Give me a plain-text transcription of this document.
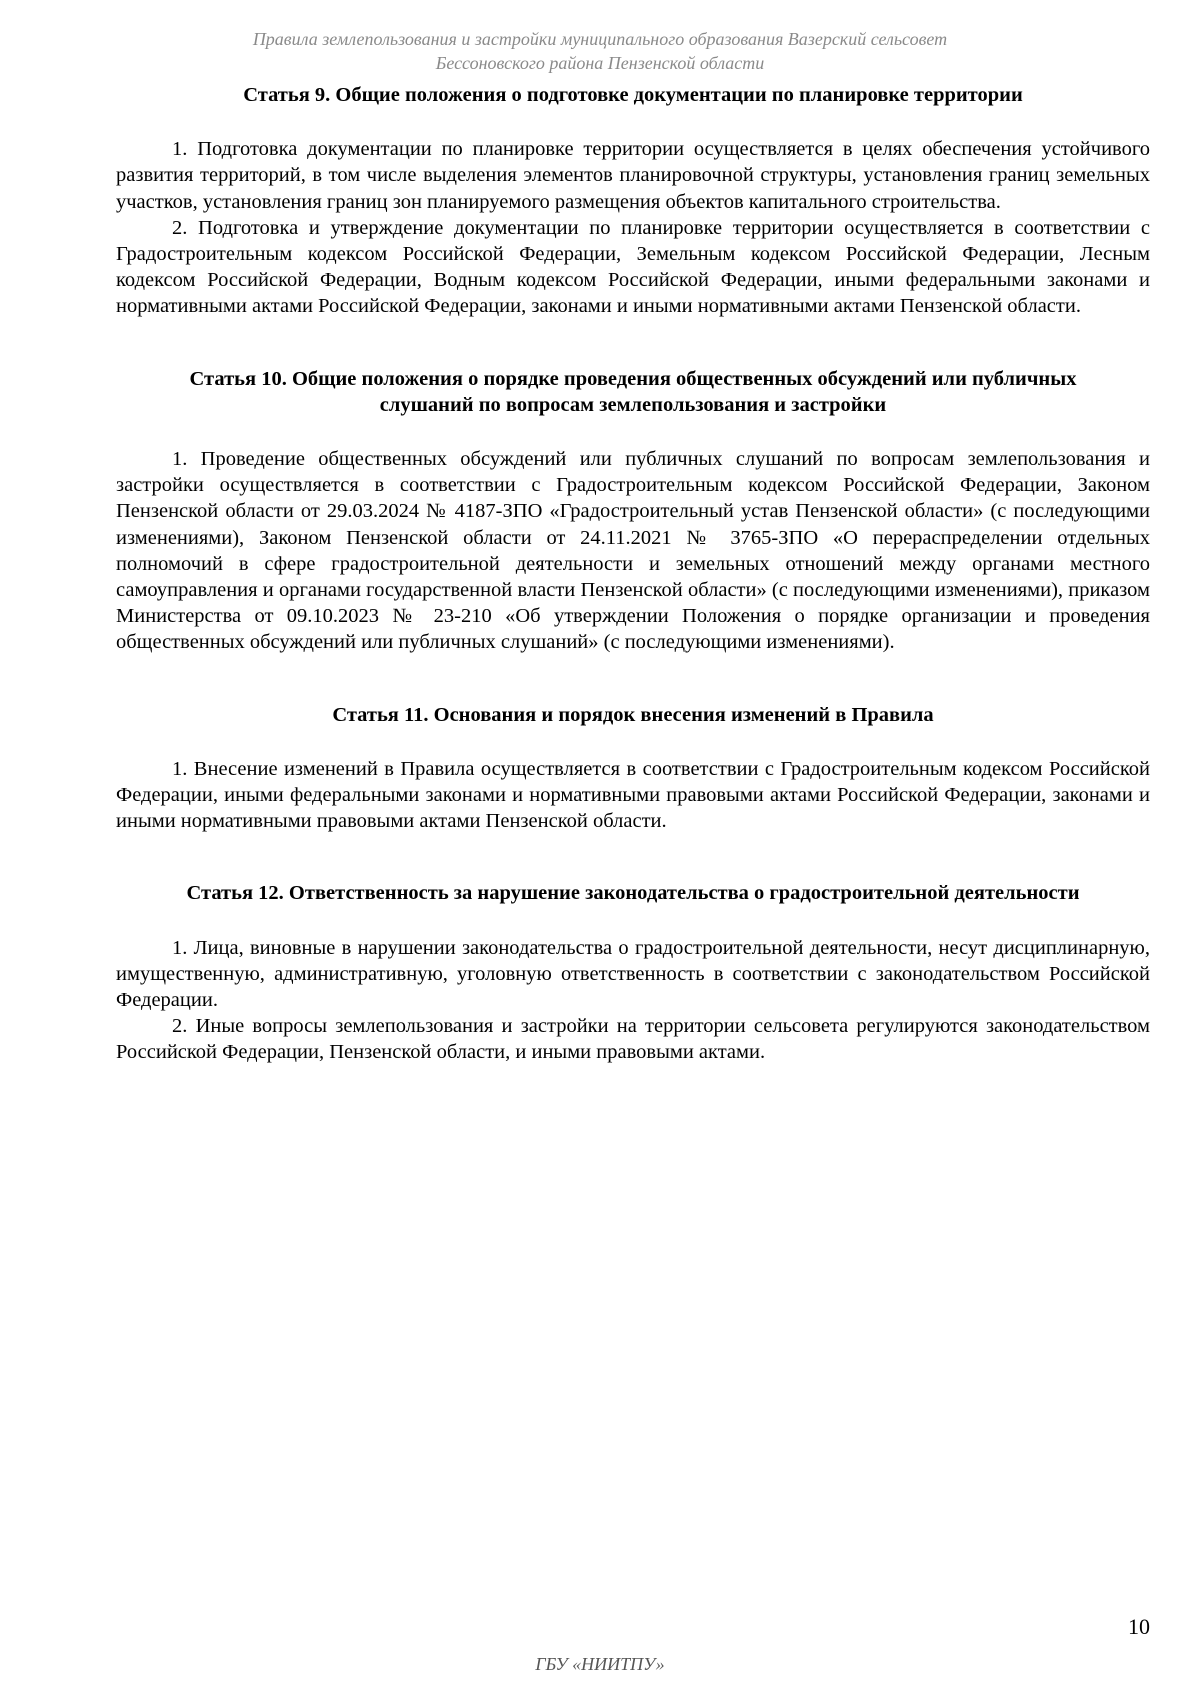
Правила землепользования и застройки муниципального образования Вазерский сельсовет
Бессоновского района Пензенской области

Статья 9. Общие положения о подготовке документации по планировке территории

1. Подготовка документации по планировке территории осуществляется в целях обеспечения устойчивого развития территорий, в том числе выделения элементов планировочной структуры, установления границ земельных участков, установления границ зон планируемого размещения объектов капитального строительства.

2. Подготовка и утверждение документации по планировке территории осуществляется в соответствии с Градостроительным кодексом Российской Федерации, Земельным кодексом Российской Федерации, Лесным кодексом Российской Федерации, Водным кодексом Российской Федерации, иными федеральными законами и нормативными актами Российской Федерации, законами и иными нормативными актами Пензенской области.

Статья 10. Общие положения о порядке проведения общественных обсуждений или публичных слушаний по вопросам землепользования и застройки

1. Проведение общественных обсуждений или публичных слушаний по вопросам землепользования и застройки осуществляется в соответствии с Градостроительным кодексом Российской Федерации, Законом Пензенской области от 29.03.2024 № 4187-ЗПО «Градостроительный устав Пензенской области» (с последующими изменениями), Законом Пензенской области от 24.11.2021 № 3765-ЗПО «О перераспределении отдельных полномочий в сфере градостроительной деятельности и земельных отношений между органами местного самоуправления и органами государственной власти Пензенской области» (с последующими изменениями), приказом Министерства от 09.10.2023 № 23-210 «Об утверждении Положения о порядке организации и проведения общественных обсуждений или публичных слушаний» (с последующими изменениями).

Статья 11. Основания и порядок внесения изменений в Правила

1. Внесение изменений в Правила осуществляется в соответствии с Градостроительным кодексом Российской Федерации, иными федеральными законами и нормативными правовыми актами Российской Федерации, законами и иными нормативными правовыми актами Пензенской области.

Статья 12. Ответственность за нарушение законодательства о градостроительной деятельности

1. Лица, виновные в нарушении законодательства о градостроительной деятельности, несут дисциплинарную, имущественную, административную, уголовную ответственность в соответствии с законодательством Российской Федерации.

2. Иные вопросы землепользования и застройки на территории сельсовета регулируются законодательством Российской Федерации, Пензенской области, и иными правовыми актами.

10
ГБУ «НИИТПУ»
